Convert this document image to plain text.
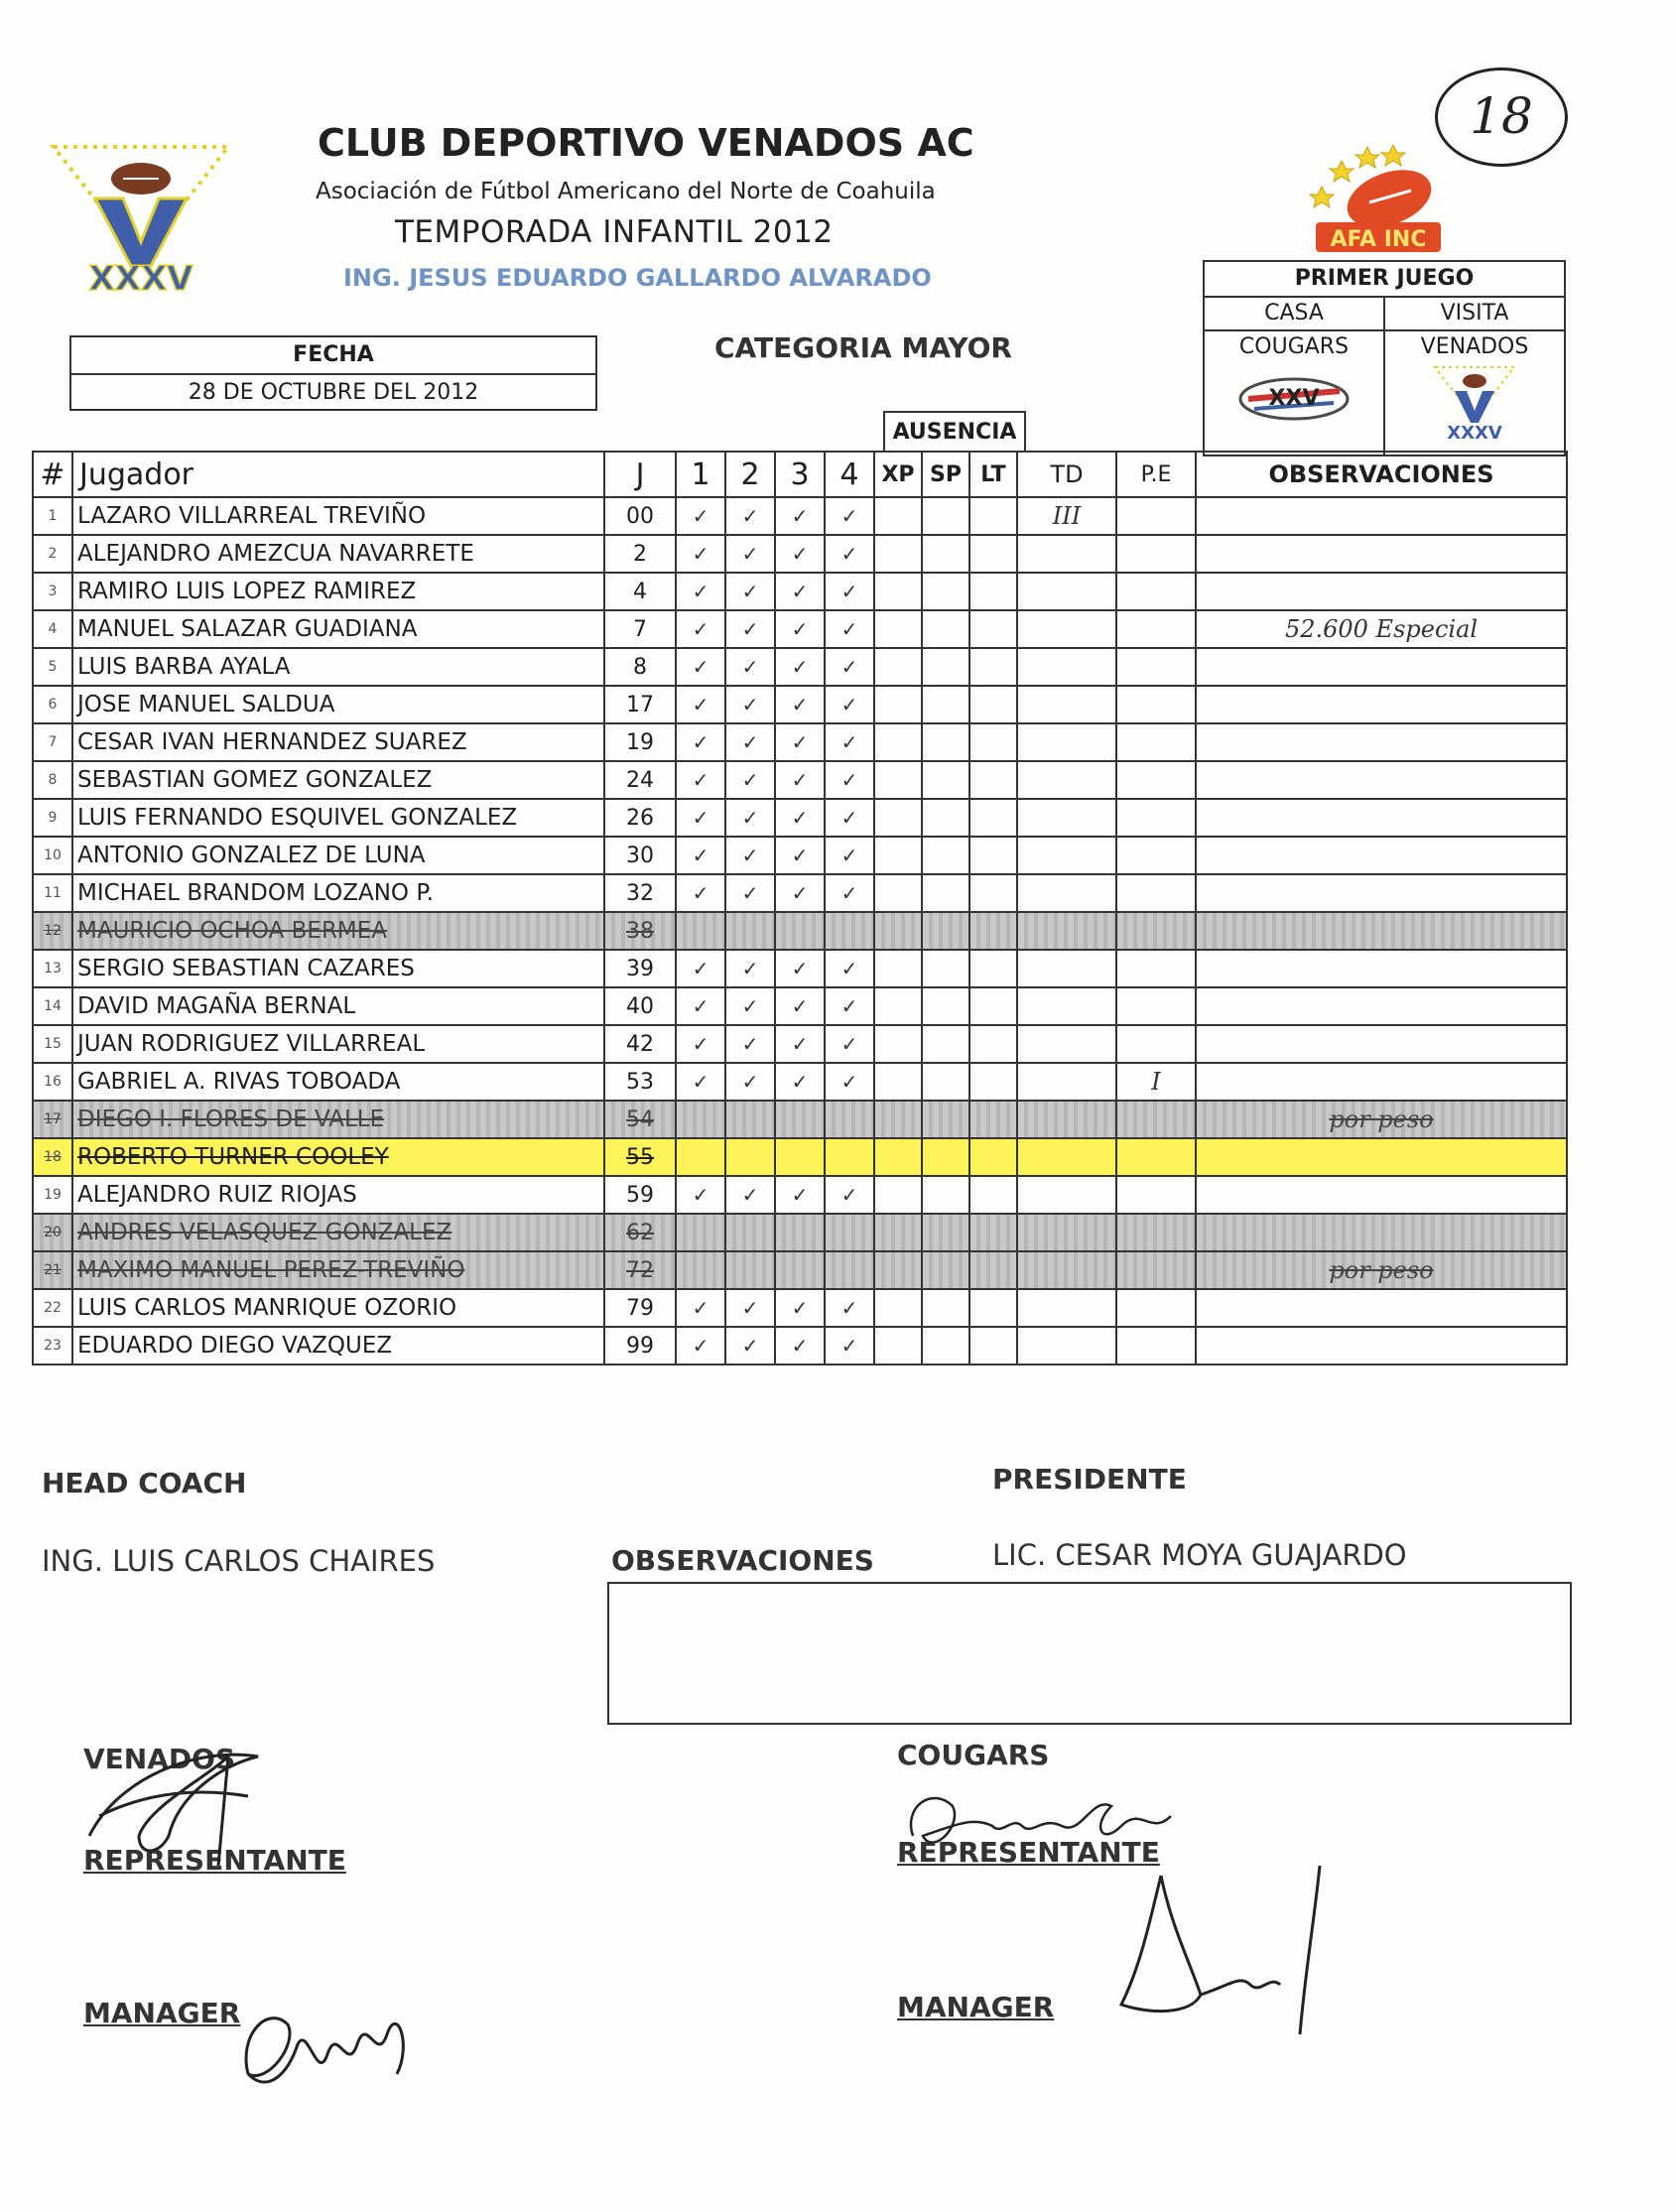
18
XXXV
AFA INC
CLUB DEPORTIVO VENADOS AC
Asociación de Fútbol Americano del Norte de Coahuila
TEMPORADA INFANTIL 2012
ING. JESUS EDUARDO GALLARDO ALVARADO
CATEGORIA MAYOR
FECHA
28 DE OCTUBRE DEL 2012
PRIMER JUEGO
CASA
COUGARS
XXV
VISITA
VENADOS
XXXV
AUSENCIA
#	Jugador	J	1	2	3	4	XP	SP	LT	TD	P.E	OBSERVACIONES
1	LAZARO VILLARREAL TREVIÑO	00	✓	✓	✓	✓				III		
2	ALEJANDRO AMEZCUA NAVARRETE	2	✓	✓	✓	✓						
3	RAMIRO LUIS LOPEZ RAMIREZ	4	✓	✓	✓	✓						
4	MANUEL SALAZAR GUADIANA	7	✓	✓	✓	✓						52.600 Especial
5	LUIS BARBA AYALA	8	✓	✓	✓	✓						
6	JOSE MANUEL SALDUA	17	✓	✓	✓	✓						
7	CESAR IVAN HERNANDEZ SUAREZ	19	✓	✓	✓	✓						
8	SEBASTIAN GOMEZ GONZALEZ	24	✓	✓	✓	✓						
9	LUIS FERNANDO ESQUIVEL GONZALEZ	26	✓	✓	✓	✓						
10	ANTONIO GONZALEZ DE LUNA	30	✓	✓	✓	✓						
11	MICHAEL BRANDOM LOZANO P.	32	✓	✓	✓	✓						
12	MAURICIO OCHOA BERMEA	38										
13	SERGIO SEBASTIAN CAZARES	39	✓	✓	✓	✓						
14	DAVID MAGAÑA BERNAL	40	✓	✓	✓	✓						
15	JUAN RODRIGUEZ VILLARREAL	42	✓	✓	✓	✓						
16	GABRIEL A. RIVAS TOBOADA	53	✓	✓	✓	✓					I	
17	DIEGO I. FLORES DE VALLE	54										por peso
18	ROBERTO TURNER COOLEY	55										
19	ALEJANDRO RUIZ RIOJAS	59	✓	✓	✓	✓						
20	ANDRES VELASQUEZ GONZALEZ	62										
21	MAXIMO MANUEL PEREZ-TREVIÑO	72										por peso
22	LUIS CARLOS MANRIQUE OZORIO	79	✓	✓	✓	✓						
23	EDUARDO DIEGO VAZQUEZ	99	✓	✓	✓	✓						
HEAD COACH
ING. LUIS CARLOS CHAIRES
PRESIDENTE
LIC. CESAR MOYA GUAJARDO
OBSERVACIONES
VENADOS
REPRESENTANTE
MANAGER
COUGARS
REPRESENTANTE
MANAGER
